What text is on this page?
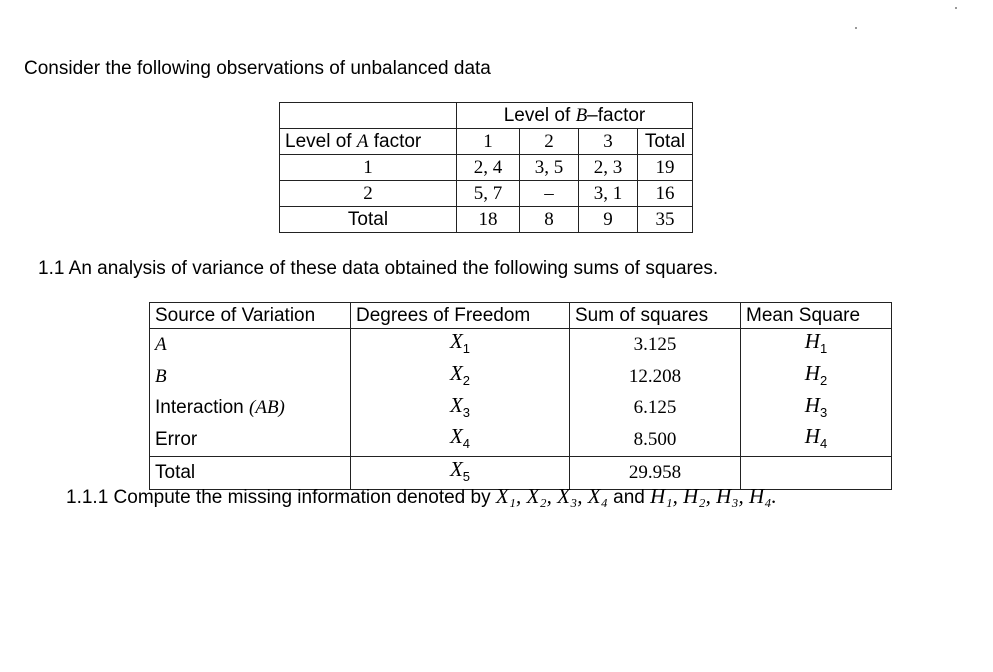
Consider the following observations of unbalanced data
	Level of B–factor			
Level of A factor	1	2	3	Total
1	2, 4	3, 5	2, 3	19
2	5, 7	–	3, 1	16
Total	18	8	9	35
1.1 An analysis of variance of these data obtained the following sums of squares.
Source of Variation	Degrees of Freedom	Sum of squares	Mean Square
A	$X_1$	3.125	$H_1$
B	$X_2$	12.208	$H_2$
Interaction (AB)	$X_3$	6.125	$H_3$
Error	$X_4$	8.500	$H_4$
Total	$X_5$	29.958	
1.1.1 Compute the missing information denoted by X₁, X₂, X₃, X₄ and H₁, H₂, H₃, H₄.
